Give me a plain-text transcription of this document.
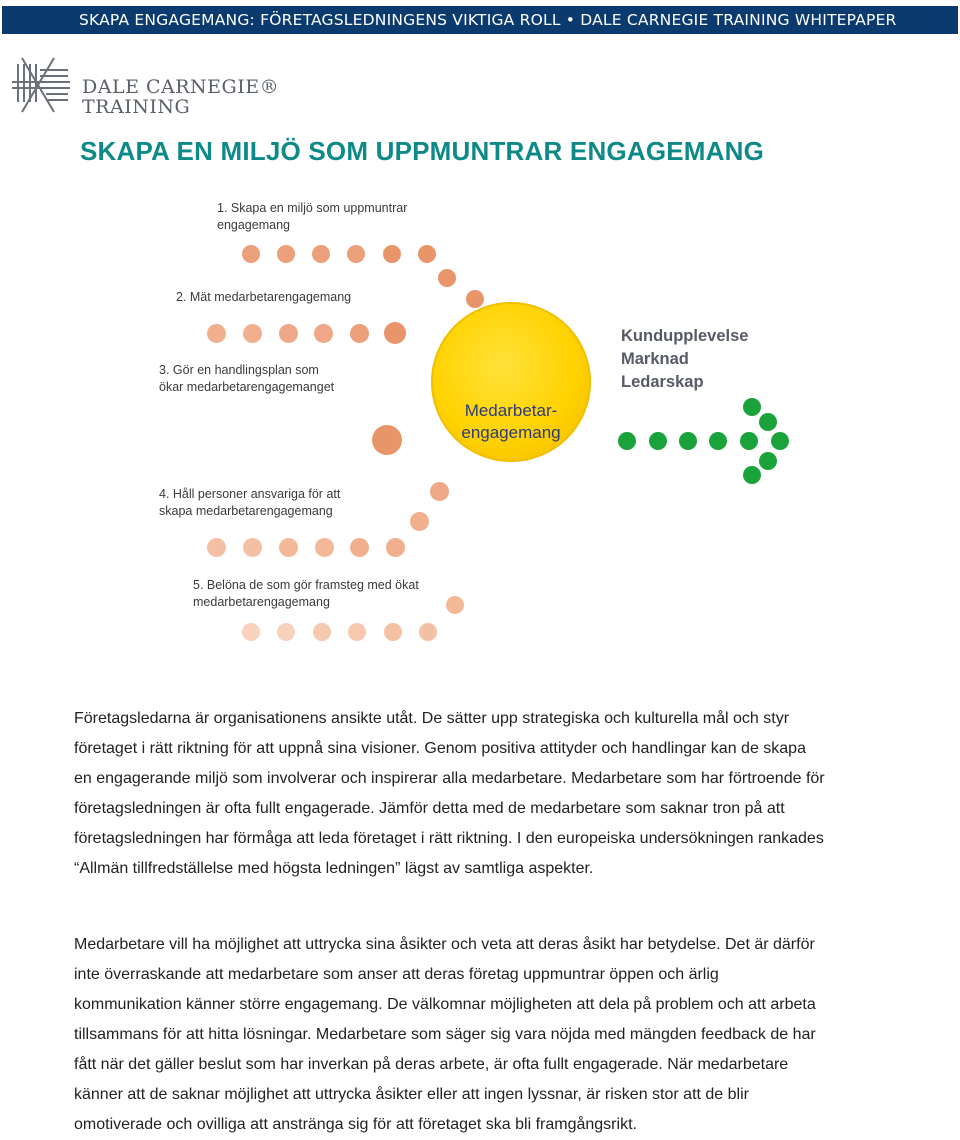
SKAPA ENGAGEMANG: FÖRETAGSLEDNINGENS VIKTIGA ROLL • DALE CARNEGIE TRAINING WHITEPAPER
DALE CARNEGIE®
TRAINING
SKAPA EN MILJÖ SOM UPPMUNTRAR ENGAGEMANG
1. Skapa en miljö som uppmuntrar
engagemang
2. Mät medarbetarengagemang
3. Gör en handlingsplan som
ökar medarbetarengagemanget
4. Håll personer ansvariga för att
skapa medarbetarengagemang
5. Belöna de som gör framsteg med ökat
medarbetarengagemang
Medarbetar-
engagemang
Kundupplevelse
Marknad
Ledarskap
Företagsledarna är organisationens ansikte utåt. De sätter upp strategiska och kulturella mål och styr
företaget i rätt riktning för att uppnå sina visioner. Genom positiva attityder och handlingar kan de skapa
en engagerande miljö som involverar och inspirerar alla medarbetare. Medarbetare som har förtroende för
företagsledningen är ofta fullt engagerade. Jämför detta med de medarbetare som saknar tron på att
företagsledningen har förmåga att leda företaget i rätt riktning. I den europeiska undersökningen rankades
“Allmän tillfredställelse med högsta ledningen” lägst av samtliga aspekter.
Medarbetare vill ha möjlighet att uttrycka sina åsikter och veta att deras åsikt har betydelse. Det är därför
inte överraskande att medarbetare som anser att deras företag uppmuntrar öppen och ärlig
kommunikation känner större engagemang. De välkomnar möjligheten att dela på problem och att arbeta
tillsammans för att hitta lösningar. Medarbetare som säger sig vara nöjda med mängden feedback de har
fått när det gäller beslut som har inverkan på deras arbete, är ofta fullt engagerade. När medarbetare
känner att de saknar möjlighet att uttrycka åsikter eller att ingen lyssnar, är risken stor att de blir
omotiverade och ovilliga att anstränga sig för att företaget ska bli framgångsrikt.
